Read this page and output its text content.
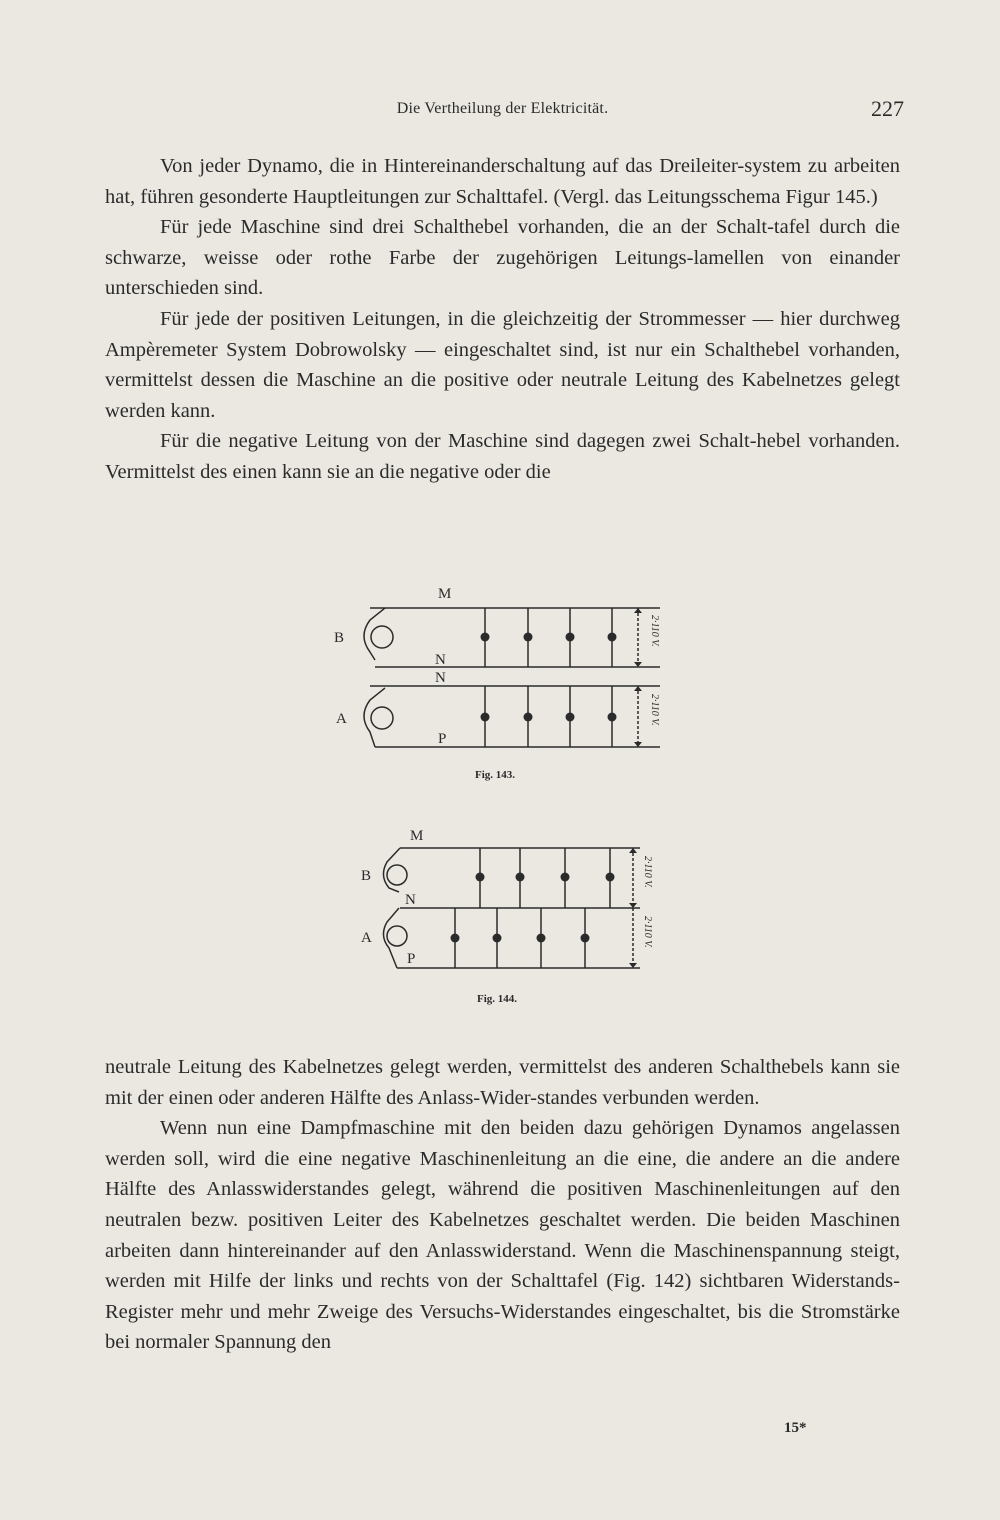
Die Vertheilung der Elektricität.	227

Von jeder Dynamo, die in Hintereinanderschaltung auf das Dreileiter-system zu arbeiten hat, führen gesonderte Hauptleitungen zur Schalttafel. (Vergl. das Leitungsschema Figur 145.)

Für jede Maschine sind drei Schalthebel vorhanden, die an der Schalt-tafel durch die schwarze, weisse oder rothe Farbe der zugehörigen Leitungs-lamellen von einander unterschieden sind.

Für jede der positiven Leitungen, in die gleichzeitig der Strommesser — hier durchweg Ampèremeter System Dobrowolsky — eingeschaltet sind, ist nur ein Schalthebel vorhanden, vermittelst dessen die Maschine an die positive oder neutrale Leitung des Kabelnetzes gelegt werden kann.

Für die negative Leitung von der Maschine sind dagegen zwei Schalt-hebel vorhanden. Vermittelst des einen kann sie an die negative oder die

M
B
N
N
A
P
2·110 V.
2·110 V.
Fig. 143.
M
B
N
A
P
2·110 V.
2·110 V.
Fig. 144.

neutrale Leitung des Kabelnetzes gelegt werden, vermittelst des anderen Schalthebels kann sie mit der einen oder anderen Hälfte des Anlass-Wider-standes verbunden werden.

Wenn nun eine Dampfmaschine mit den beiden dazu gehörigen Dynamos angelassen werden soll, wird die eine negative Maschinenleitung an die eine, die andere an die andere Hälfte des Anlasswiderstandes gelegt, während die positiven Maschinenleitungen auf den neutralen bezw. positiven Leiter des Kabelnetzes geschaltet werden. Die beiden Maschinen arbeiten dann hintereinander auf den Anlasswiderstand. Wenn die Maschinenspannung steigt, werden mit Hilfe der links und rechts von der Schalttafel (Fig. 142) sichtbaren Widerstands-Register mehr und mehr Zweige des Versuchs-Widerstandes eingeschaltet, bis die Stromstärke bei normaler Spannung den

15*
